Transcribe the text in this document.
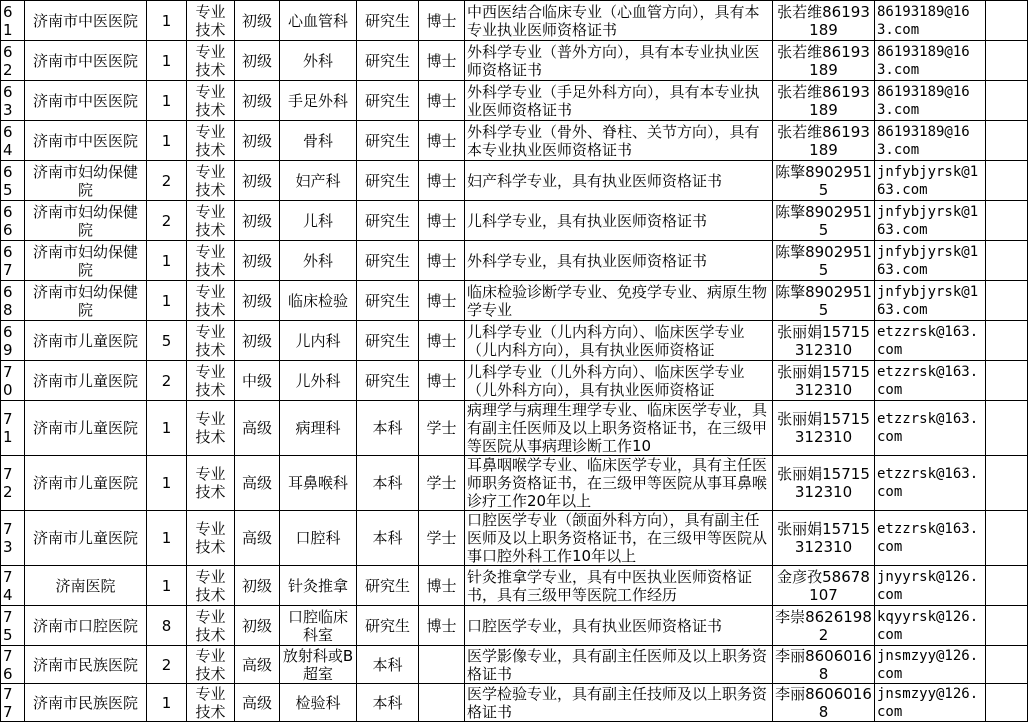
61	济南市中医医院	1	专业技术	初级	心血管科	研究生	博士	中西医结合临床专业（心血管方向），具有本专业执业医师资格证书	张若维86193189	86193189@163.com	

62	济南市中医医院	1	专业技术	初级	外科	研究生	博士	外科学专业（普外方向），具有本专业执业医师资格证书	张若维86193189	86193189@163.com	

63	济南市中医医院	1	专业技术	初级	手足外科	研究生	博士	外科学专业（手足外科方向），具有本专业执业医师资格证书	张若维86193189	86193189@163.com	

64	济南市中医医院	1	专业技术	初级	骨科	研究生	博士	外科学专业（骨外、脊柱、关节方向），具有本专业执业医师资格证书	张若维86193189	86193189@163.com	

65	济南市妇幼保健院	2	专业技术	初级	妇产科	研究生	博士	妇产科学专业，具有执业医师资格证书	陈擎89029515	jnfybjyrsk@163.com	

66	济南市妇幼保健院	2	专业技术	初级	儿科	研究生	博士	儿科学专业，具有执业医师资格证书	陈擎89029515	jnfybjyrsk@163.com	

67	济南市妇幼保健院	1	专业技术	初级	外科	研究生	博士	外科学专业，具有执业医师资格证书	陈擎89029515	jnfybjyrsk@163.com	

68	济南市妇幼保健院	1	专业技术	初级	临床检验	研究生	博士	临床检验诊断学专业、免疫学专业、病原生物学专业	陈擎89029515	jnfybjyrsk@163.com	

69	济南市儿童医院	5	专业技术	初级	儿内科	研究生	博士	儿科学专业（儿内科方向）、临床医学专业（儿内科方向），具有执业医师资格证	张丽娟15715312310	etzzrsk@163.com	

70	济南市儿童医院	2	专业技术	中级	儿外科	研究生	博士	儿科学专业（儿外科方向）、临床医学专业（儿外科方向），具有执业医师资格证	张丽娟15715312310	etzzrsk@163.com	

71	济南市儿童医院	1	专业技术	高级	病理科	本科	学士	病理学与病理生理学专业、临床医学专业，具有副主任医师及以上职务资格证书，在三级甲等医院从事病理诊断工作10	张丽娟15715312310	etzzrsk@163.com	

72	济南市儿童医院	1	专业技术	高级	耳鼻喉科	本科	学士	耳鼻咽喉学专业、临床医学专业，具有主任医师职务资格证书，在三级甲等医院从事耳鼻喉诊疗工作20年以上	张丽娟15715312310	etzzrsk@163.com	

73	济南市儿童医院	1	专业技术	高级	口腔科	本科	学士	口腔医学专业（颌面外科方向），具有副主任医师及以上职务资格证书，在三级甲等医院从事口腔外科工作10年以上	张丽娟15715312310	etzzrsk@163.com	

74	济南医院	1	专业技术	初级	针灸推拿	研究生	博士	针灸推拿学专业，具有中医执业医师资格证书，具有三级甲等医院工作经历	金彦孜58678107	jnyyrsk@126.com	

75	济南市口腔医院	8	专业技术	初级	口腔临床科室	研究生	博士	口腔医学专业，具有执业医师资格证书	李崇86261982	kqyyrsk@126.com	

76	济南市民族医院	2	专业技术	高级	放射科或B超室	本科		医学影像专业，具有副主任医师及以上职务资格证书	李丽86060168	jnsmzyy@126.com	

77	济南市民族医院	1	专业技术	高级	检验科	本科		医学检验专业，具有副主任技师及以上职务资格证书	李丽86060168	jnsmzyy@126.com	
